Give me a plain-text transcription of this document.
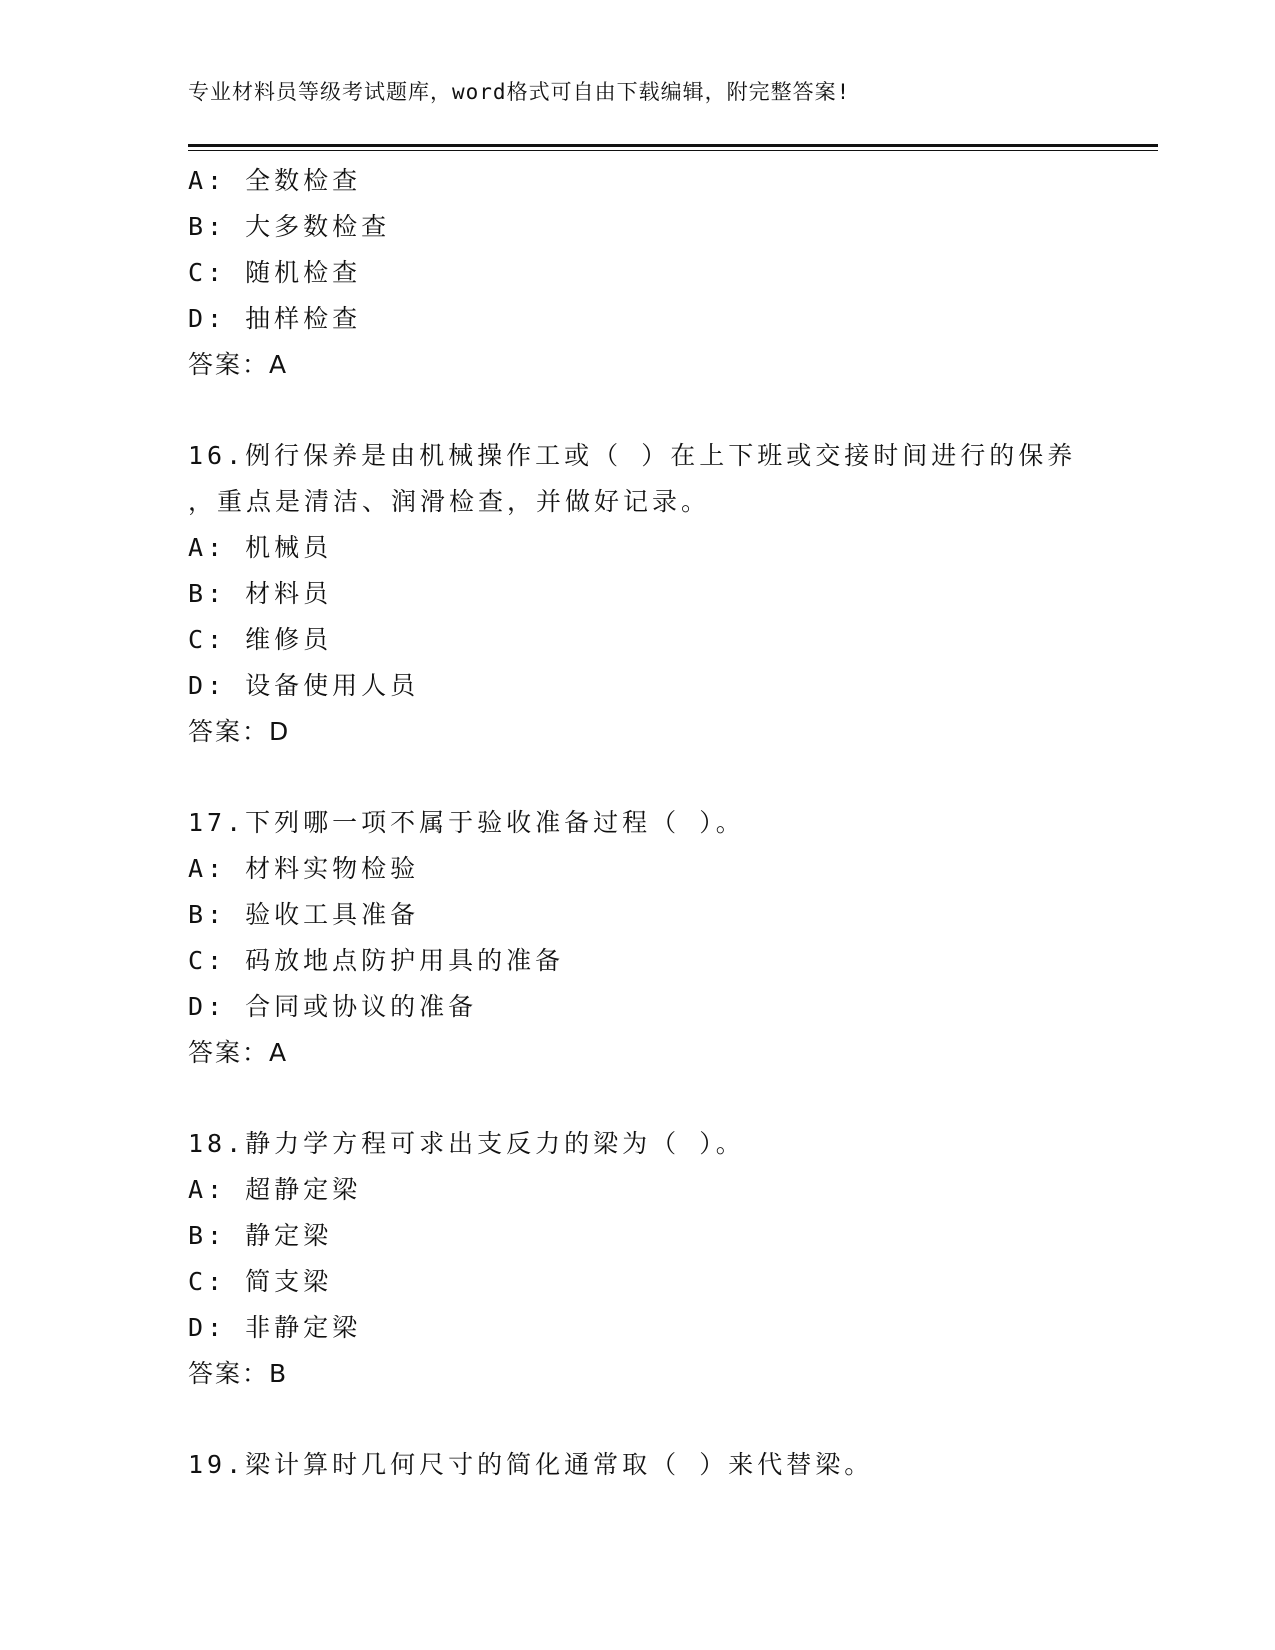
专业材料员等级考试题库，word格式可自由下载编辑，附完整答案!
A: 全数检查
B: 大多数检查
C: 随机检查
D: 抽样检查
答案：A
16.例行保养是由机械操作工或（ ）在上下班或交接时间进行的保养
，重点是清洁、润滑检查，并做好记录。
A: 机械员
B: 材料员
C: 维修员
D: 设备使用人员
答案：D
17.下列哪一项不属于验收准备过程（ ）。
A: 材料实物检验
B: 验收工具准备
C: 码放地点防护用具的准备
D: 合同或协议的准备
答案：A
18.静力学方程可求出支反力的梁为（ ）。
A: 超静定梁
B: 静定梁
C: 简支梁
D: 非静定梁
答案：B
19.梁计算时几何尺寸的简化通常取（ ）来代替梁。
